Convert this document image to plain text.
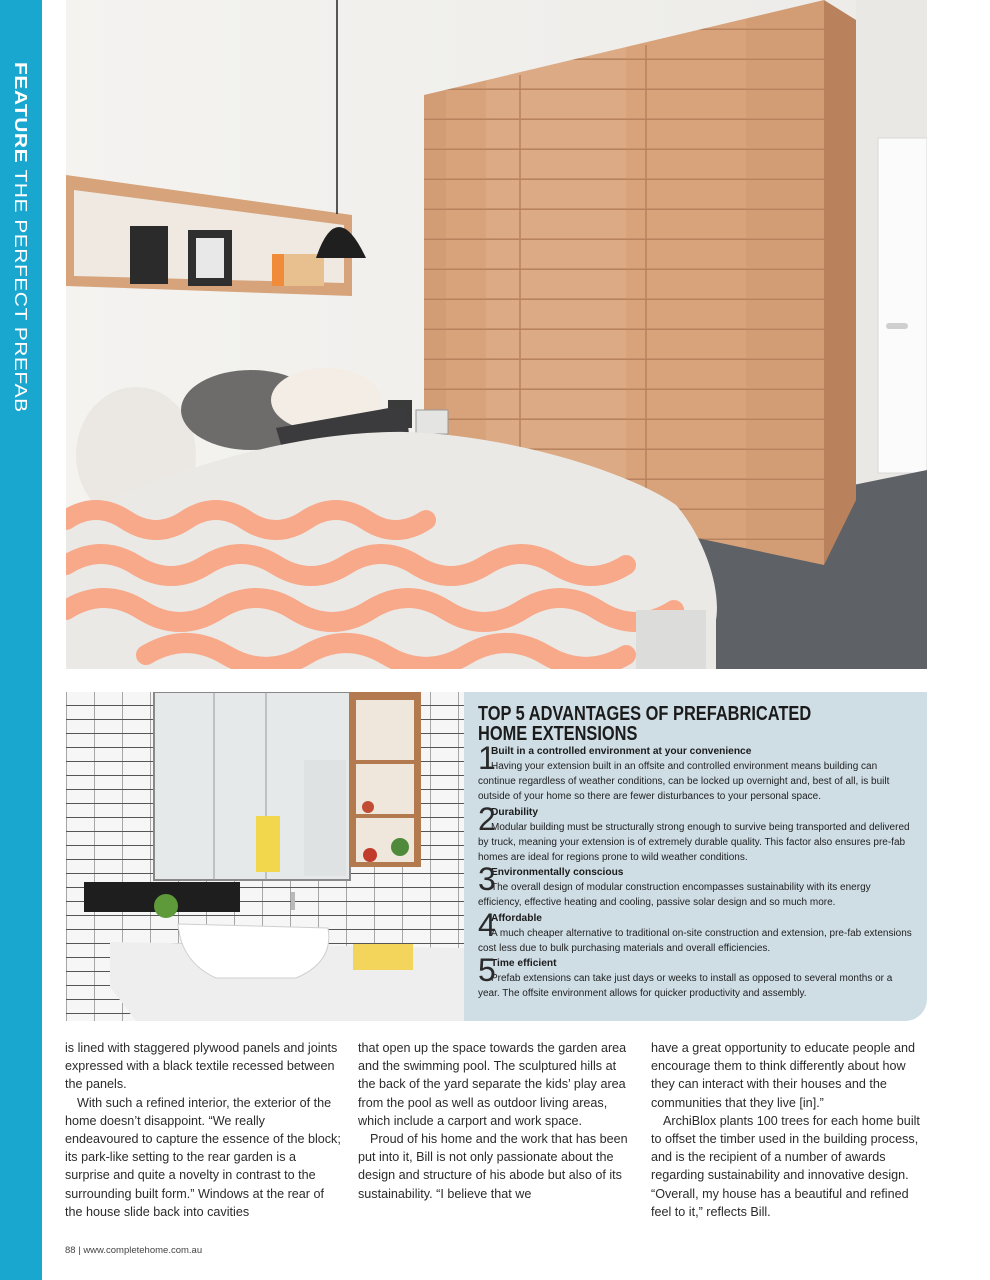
FEATURE THE PERFECT PREFAB
TOP 5 ADVANTAGES OF PREFABRICATED
HOME EXTENSIONS
1
Built in a controlled environment at your convenience
Having your extension built in an offsite and controlled environment means building can continue regardless of weather conditions, can be locked up overnight and, best of all, is built outside of your home so there are fewer disturbances to your personal space.
2
Durability
Modular building must be structurally strong enough to survive being transported and delivered by truck, meaning your extension is of extremely durable quality. This factor also ensures pre-fab homes are ideal for regions prone to wild weather conditions.
3
Environmentally conscious
The overall design of modular construction encompasses sustainability with its energy efficiency, effective heating and cooling, passive solar design and so much more.
4
Affordable
A much cheaper alternative to traditional on-site construction and extension, pre-fab extensions cost less due to bulk purchasing materials and overall efficiencies.
5
Time efficient
Prefab extensions can take just days or weeks to install as opposed to several months or a year. The offsite environment allows for quicker productivity and assembly.

is lined with staggered plywood panels and joints expressed with a black textile recessed between the panels.

With such a refined interior, the exterior of the home doesn’t disappoint. “We really endeavoured to capture the essence of the block; its park-like setting to the rear garden is a surprise and quite a novelty in contrast to the surrounding built form.” Windows at the rear of the house slide back into cavities

that open up the space towards the garden area and the swimming pool. The sculptured hills at the back of the yard separate the kids’ play area from the pool as well as outdoor living areas, which include a carport and work space.

Proud of his home and the work that has been put into it, Bill is not only passionate about the design and structure of his abode but also of its sustainability. “I believe that we

have a great opportunity to educate people and encourage them to think differently about how they can interact with their houses and the communities that they live [in].”

ArchiBlox plants 100 trees for each home built to offset the timber used in the building process, and is the recipient of a number of awards regarding sustainability and innovative design. “Overall, my house has a beautiful and refined feel to it,” reflects Bill.

88 | www.completehome.com.au
